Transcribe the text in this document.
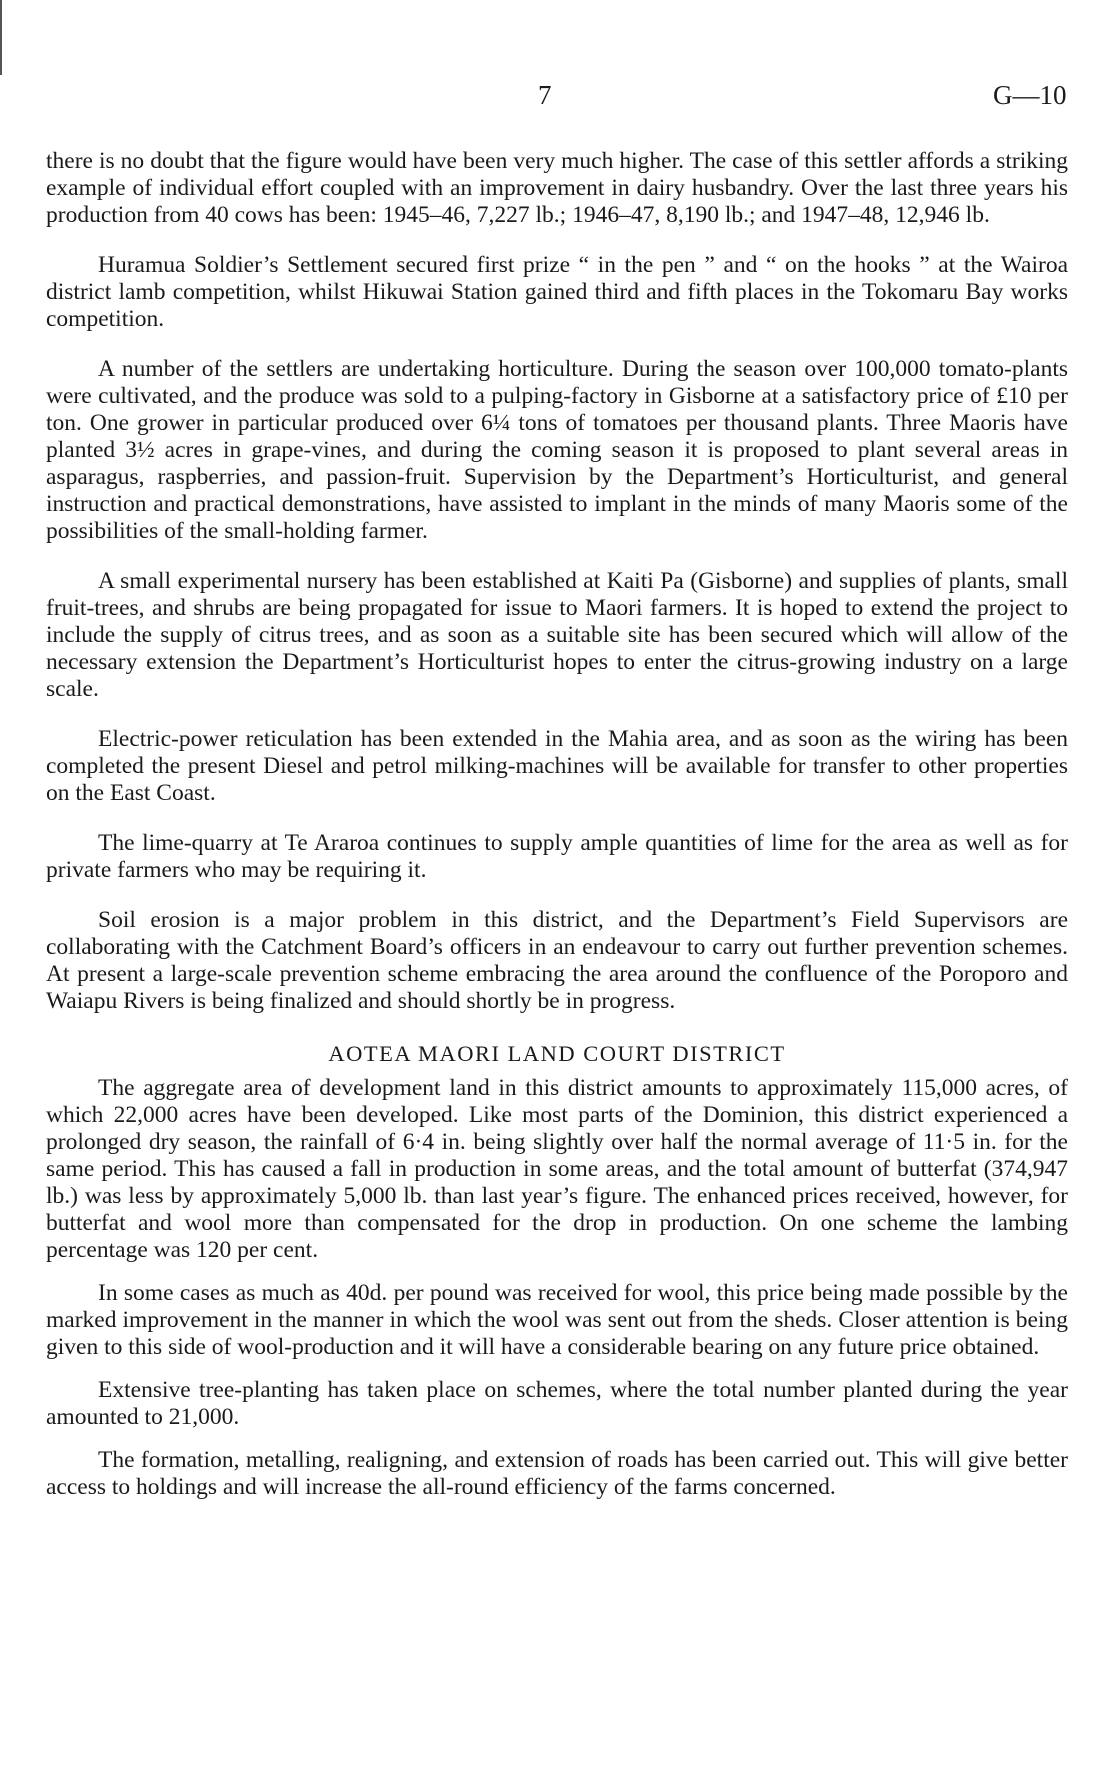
7	G—10

there is no doubt that the figure would have been very much higher. The case of this settler affords a striking example of individual effort coupled with an improvement in dairy husbandry. Over the last three years his production from 40 cows has been: 1945–46, 7,227 lb.; 1946–47, 8,190 lb.; and 1947–48, 12,946 lb.

Huramua Soldier’s Settlement secured first prize “ in the pen ” and “ on the hooks ” at the Wairoa district lamb competition, whilst Hikuwai Station gained third and fifth places in the Tokomaru Bay works competition.

A number of the settlers are undertaking horticulture. During the season over 100,000 tomato-plants were cultivated, and the produce was sold to a pulping-factory in Gisborne at a satisfactory price of £10 per ton. One grower in particular produced over 6¼ tons of tomatoes per thousand plants. Three Maoris have planted 3½ acres in grape-vines, and during the coming season it is proposed to plant several areas in asparagus, raspberries, and passion-fruit. Supervision by the Department’s Horticulturist, and general instruction and practical demonstrations, have assisted to implant in the minds of many Maoris some of the possibilities of the small-holding farmer.

A small experimental nursery has been established at Kaiti Pa (Gisborne) and supplies of plants, small fruit-trees, and shrubs are being propagated for issue to Maori farmers. It is hoped to extend the project to include the supply of citrus trees, and as soon as a suitable site has been secured which will allow of the necessary extension the Department’s Horticulturist hopes to enter the citrus-growing industry on a large scale.

Electric-power reticulation has been extended in the Mahia area, and as soon as the wiring has been completed the present Diesel and petrol milking-machines will be available for transfer to other properties on the East Coast.

The lime-quarry at Te Araroa continues to supply ample quantities of lime for the area as well as for private farmers who may be requiring it.

Soil erosion is a major problem in this district, and the Department’s Field Supervisors are collaborating with the Catchment Board’s officers in an endeavour to carry out further prevention schemes. At present a large-scale prevention scheme embracing the area around the confluence of the Poroporo and Waiapu Rivers is being finalized and should shortly be in progress.

AOTEA MAORI LAND COURT DISTRICT

The aggregate area of development land in this district amounts to approximately 115,000 acres, of which 22,000 acres have been developed. Like most parts of the Dominion, this district experienced a prolonged dry season, the rainfall of 6·4 in. being slightly over half the normal average of 11·5 in. for the same period. This has caused a fall in production in some areas, and the total amount of butterfat (374,947 lb.) was less by approximately 5,000 lb. than last year’s figure. The enhanced prices received, however, for butterfat and wool more than compensated for the drop in production. On one scheme the lambing percentage was 120 per cent.

In some cases as much as 40d. per pound was received for wool, this price being made possible by the marked improvement in the manner in which the wool was sent out from the sheds. Closer attention is being given to this side of wool-production and it will have a considerable bearing on any future price obtained.

Extensive tree-planting has taken place on schemes, where the total number planted during the year amounted to 21,000.

The formation, metalling, realigning, and extension of roads has been carried out. This will give better access to holdings and will increase the all-round efficiency of the farms concerned.
